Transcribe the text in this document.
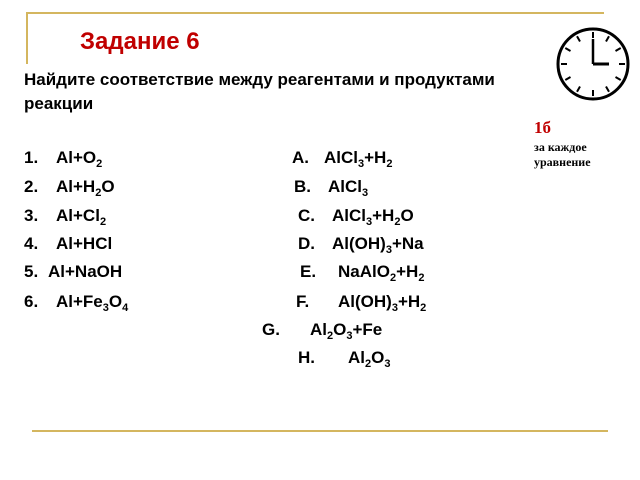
Задание 6
Найдите соответствие между реагентами и продуктами реакции
1б
за каждое
уравнение
1. $Al+O_2$
2. $Al+H_2O$
3. $Al+Cl_2$
4. Al+HCl
5. Al+NaOH
6. $Al+Fe_3O_4$
A. $AlCl_3+H_2$
B. AlCl$_3$
C. $AlCl_3+H_2O$
D. $Al(OH)_3+Na$
E. $NaAlO_2+H_2$
F. $Al(OH)_3+H_2$
G. $Al_2O_3+Fe$
H. $Al_2O_3$
